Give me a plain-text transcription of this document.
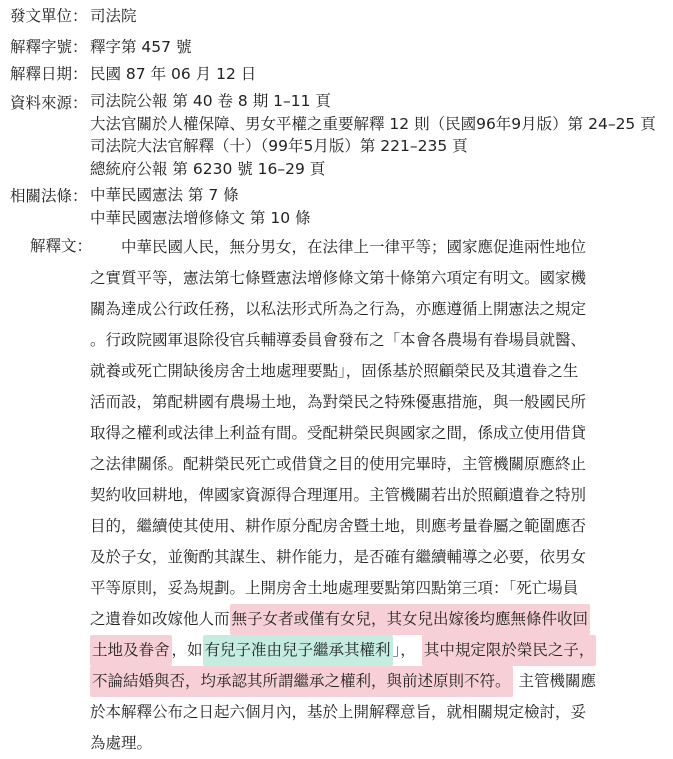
發文單位： 司法院
解釋字號： 釋字第 457 號
解釋日期： 民國 87 年 06 月 12 日
資料來源： 司法院公報 第 40 卷 8 期 1–11 頁
大法官關於人權保障、男女平權之重要解釋 12 則（民國96年9月版）第 24–25 頁
司法院大法官解釋（十）（99年5月版）第 221–235 頁
總統府公報 第 6230 號 16–29 頁
相關法條： 中華民國憲法 第 7 條
中華民國憲法增修條文 第 10 條
解釋文：
　　中華民國人民，無分男女，在法律上一律平等；國家應促進兩性地位
之實質平等，憲法第七條暨憲法增修條文第十條第六項定有明文。國家機
關為達成公行政任務，以私法形式所為之行為，亦應遵循上開憲法之規定
。行政院國軍退除役官兵輔導委員會發布之「本會各農場有眷場員就醫、
就養或死亡開缺後房舍土地處理要點」，固係基於照顧榮民及其遺眷之生
活而設，第配耕國有農場土地，為對榮民之特殊優惠措施，與一般國民所
取得之權利或法律上利益有間。受配耕榮民與國家之間，係成立使用借貸
之法律關係。配耕榮民死亡或借貸之目的使用完畢時，主管機關原應終止
契約收回耕地，俾國家資源得合理運用。主管機關若出於照顧遺眷之特別
目的，繼續使其使用、耕作原分配房舍暨土地，則應考量眷屬之範圍應否
及於子女，並衡酌其謀生、耕作能力，是否確有繼續輔導之必要，依男女
平等原則，妥為規劃。上開房舍土地處理要點第四點第三項：「死亡場員
之遺眷如改嫁他人而 無子女者或僅有女兒，其女兒出嫁後均應無條件收回
土地及眷舍 ，如 有兒子准由兒子繼承其權利 」， 其中規定限於榮民之子，
不論結婚與否，均承認其所謂繼承之權利，與前述原則不符。 主管機關應
於本解釋公布之日起六個月內，基於上開解釋意旨，就相關規定檢討，妥
為處理。
